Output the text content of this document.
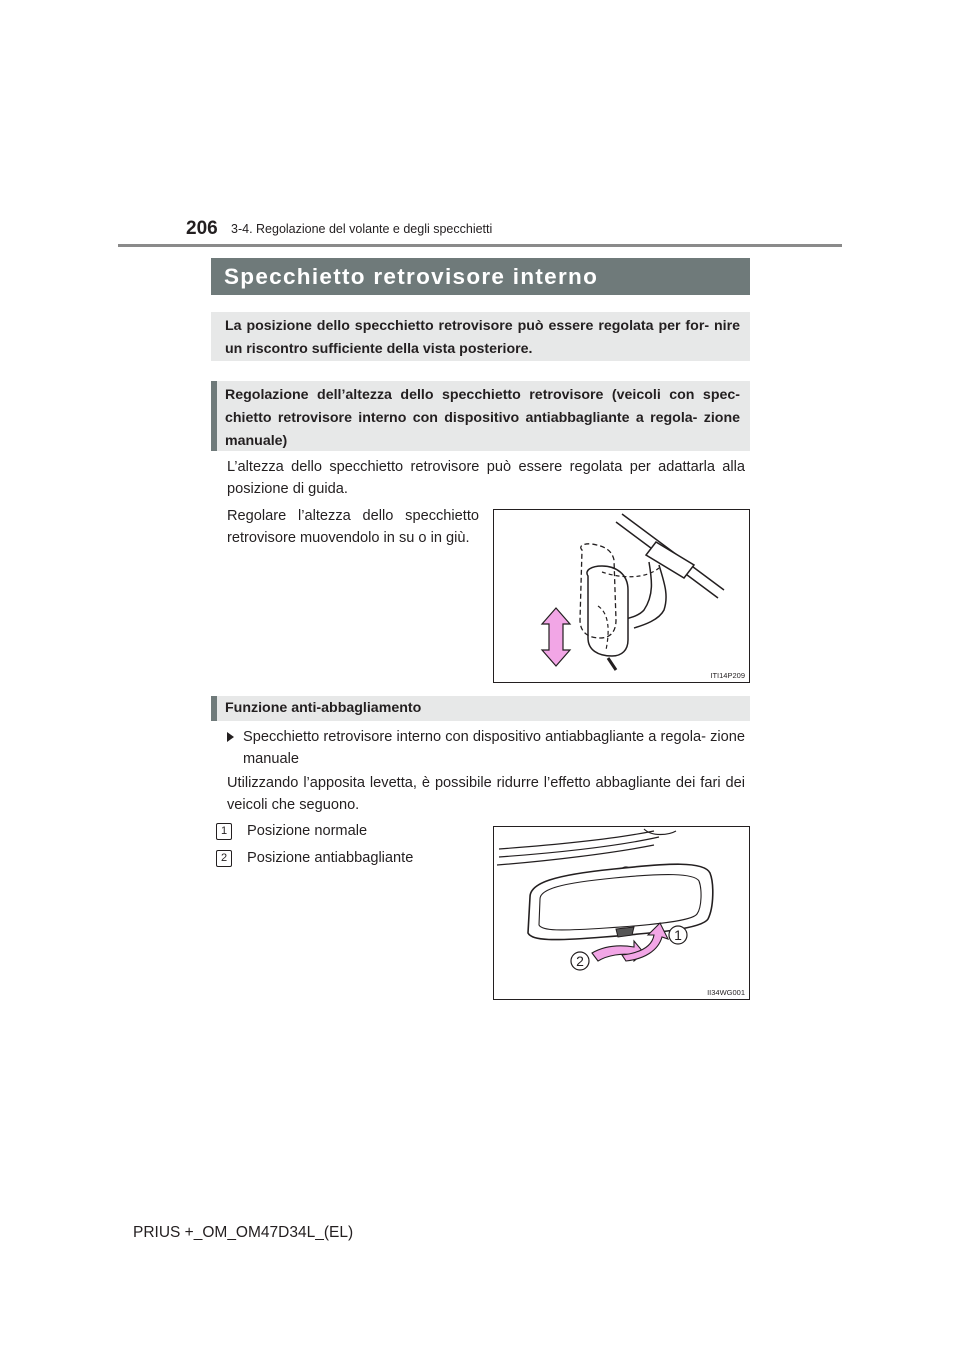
206 3-4. Regolazione del volante e degli specchietti
Specchietto retrovisore interno
La posizione dello specchietto retrovisore può essere regolata per for- nire un riscontro sufficiente della vista posteriore.
Regolazione dell’altezza dello specchietto retrovisore (veicoli con spec- chietto retrovisore interno con dispositivo antiabbagliante a regola- zione manuale)
L’altezza dello specchietto retrovisore può essere regolata per adattarla alla posizione di guida.
Regolare l’altezza dello specchietto retrovisore muovendolo in su o in giù.
ITI14P209
Funzione anti-abbagliamento
Specchietto retrovisore interno con dispositivo antiabbagliante a regola- zione manuale
Utilizzando l’apposita levetta, è possibile ridurre l’effetto abbagliante dei fari dei veicoli che seguono.
1 Posizione normale
2 Posizione antiabbagliante
1
2
II34WG001
PRIUS +_OM_OM47D34L_(EL)
